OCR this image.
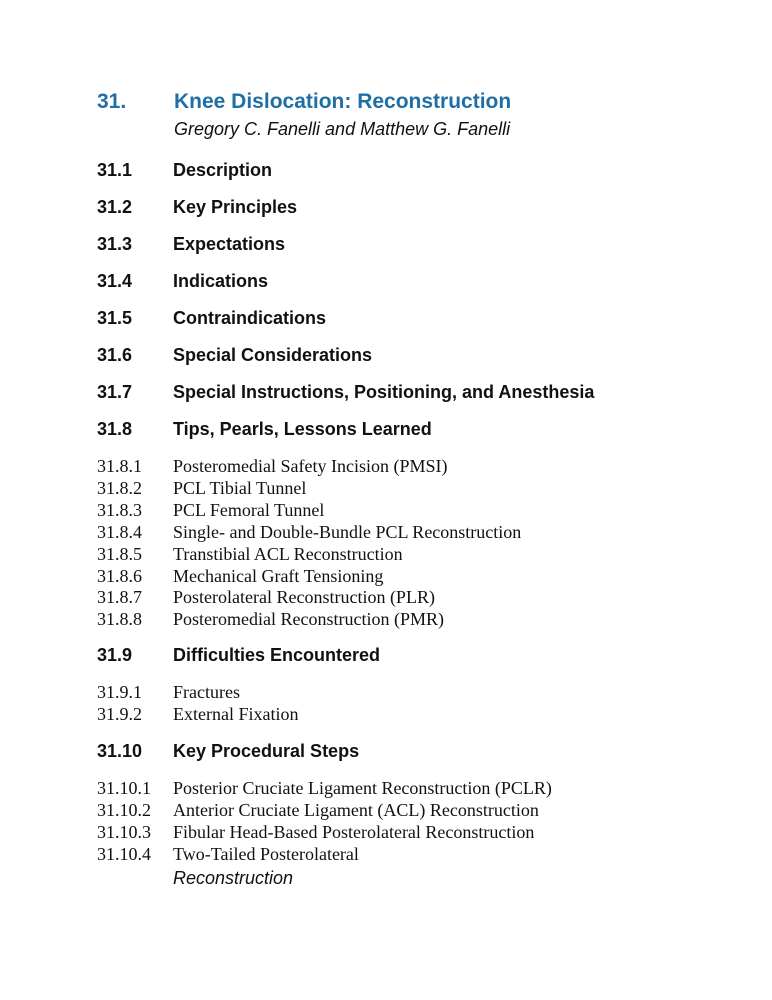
31.	Knee Dislocation: Reconstruction
Gregory C. Fanelli and Matthew G. Fanelli
31.1	Description
31.2	Key Principles
31.3	Expectations
31.4	Indications
31.5	Contraindications
31.6	Special Considerations
31.7	Special Instructions, Positioning, and Anesthesia
31.8	Tips, Pearls, Lessons Learned
31.8.1	Posteromedial Safety Incision (PMSI)
31.8.2	PCL Tibial Tunnel
31.8.3	PCL Femoral Tunnel
31.8.4	Single- and Double-Bundle PCL Reconstruction
31.8.5	Transtibial ACL Reconstruction
31.8.6	Mechanical Graft Tensioning
31.8.7	Posterolateral Reconstruction (PLR)
31.8.8	Posteromedial Reconstruction (PMR)
31.9	Difficulties Encountered
31.9.1	Fractures
31.9.2	External Fixation
31.10	Key Procedural Steps
31.10.1	Posterior Cruciate Ligament Reconstruction (PCLR)
31.10.2	Anterior Cruciate Ligament (ACL) Reconstruction
31.10.3	Fibular Head-Based Posterolateral Reconstruction
31.10.4	Two-Tailed Posterolateral
Reconstruction
